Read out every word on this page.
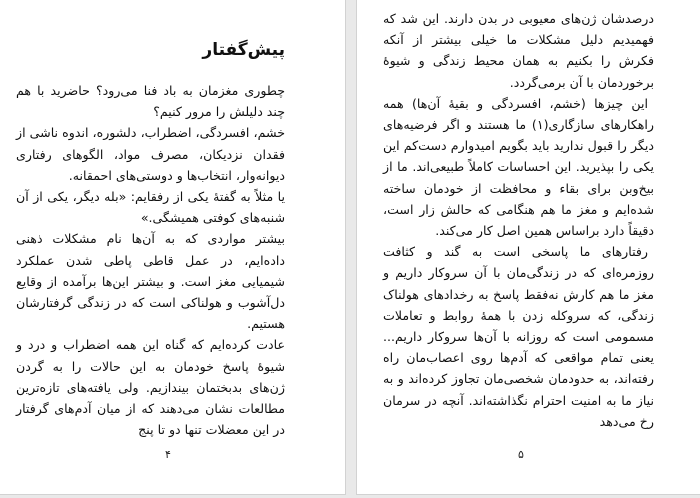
پیش‌گفتار

چطوری مغزمان به باد فنا می‌رود؟ حاضرید با هم چند دلیلش را مرور کنیم؟

خشم، افسردگی، اضطراب، دلشوره، اندوه ناشی از فقدان نزدیکان، مصرف مواد، الگوهای رفتاری دیوانه‌وار، انتخاب‌ها و دوستی‌های احمقانه.

یا مثلاً به گفتهٔ یکی از رفقایم: «بله دیگر، یکی از آن شنبه‌های کوفتی همیشگی.»

بیشتر مواردی که به آن‌ها نام مشکلات ذهنی داده‌ایم، در عمل قاطی پاطی شدن عملکرد شیمیایی مغز است. و بیشتر این‌ها برآمده از وقایع دل‌آشوب و هولناکی است که در زندگی گرفتارشان هستیم.

عادت کرده‌ایم که گناه این همه اضطراب و درد و شیوهٔ پاسخ خودمان به این حالات را به گردن ژن‌های بدبختمان بیندازیم. ولی یافته‌های تازه‌ترین مطالعات نشان می‌دهند که از میان آدم‌های گرفتار در این معضلات تنها دو تا پنج

درصدشان ژن‌های معیوبی در بدن دارند. این شد که فهمیدیم دلیل مشکلات ما خیلی بیشتر از آنکه فکرش را بکنیم به همان محیط زندگی و شیوهٔ برخوردمان با آن برمی‌گردد.

این چیزها (خشم، افسردگی و بقیهٔ آن‌ها) همه راهکارهای سازگاری(۱) ما هستند و اگر فرضیه‌های دیگر را قبول ندارید باید بگویم امیدوارم دست‌کم این یکی را بپذیرید. این احساسات کاملاً طبیعی‌اند. ما از بیخ‌وبن برای بقاء و محافظت از خودمان ساخته شده‌ایم و مغز ما هم هنگامی که حالش زار است، دقیقاً دارد براساس همین اصل کار می‌کند.

رفتارهای ما پاسخی است به گند و کثافت روزمره‌ای که در زندگی‌مان با آن سروکار داریم و مغز ما هم کارش نه‌فقط پاسخ به رخدادهای هولناک زندگی، که سروکله زدن با همهٔ روابط و تعاملات مسمومی است که روزانه با آن‌ها سروکار داریم... یعنی تمام مواقعی که آدم‌ها روی اعصاب‌مان راه رفته‌اند، به حدودمان شخصی‌مان تجاوز کرده‌اند و به نیاز ما به امنیت احترام نگذاشته‌اند. آنچه در سرمان رخ می‌دهد

۴	۵
